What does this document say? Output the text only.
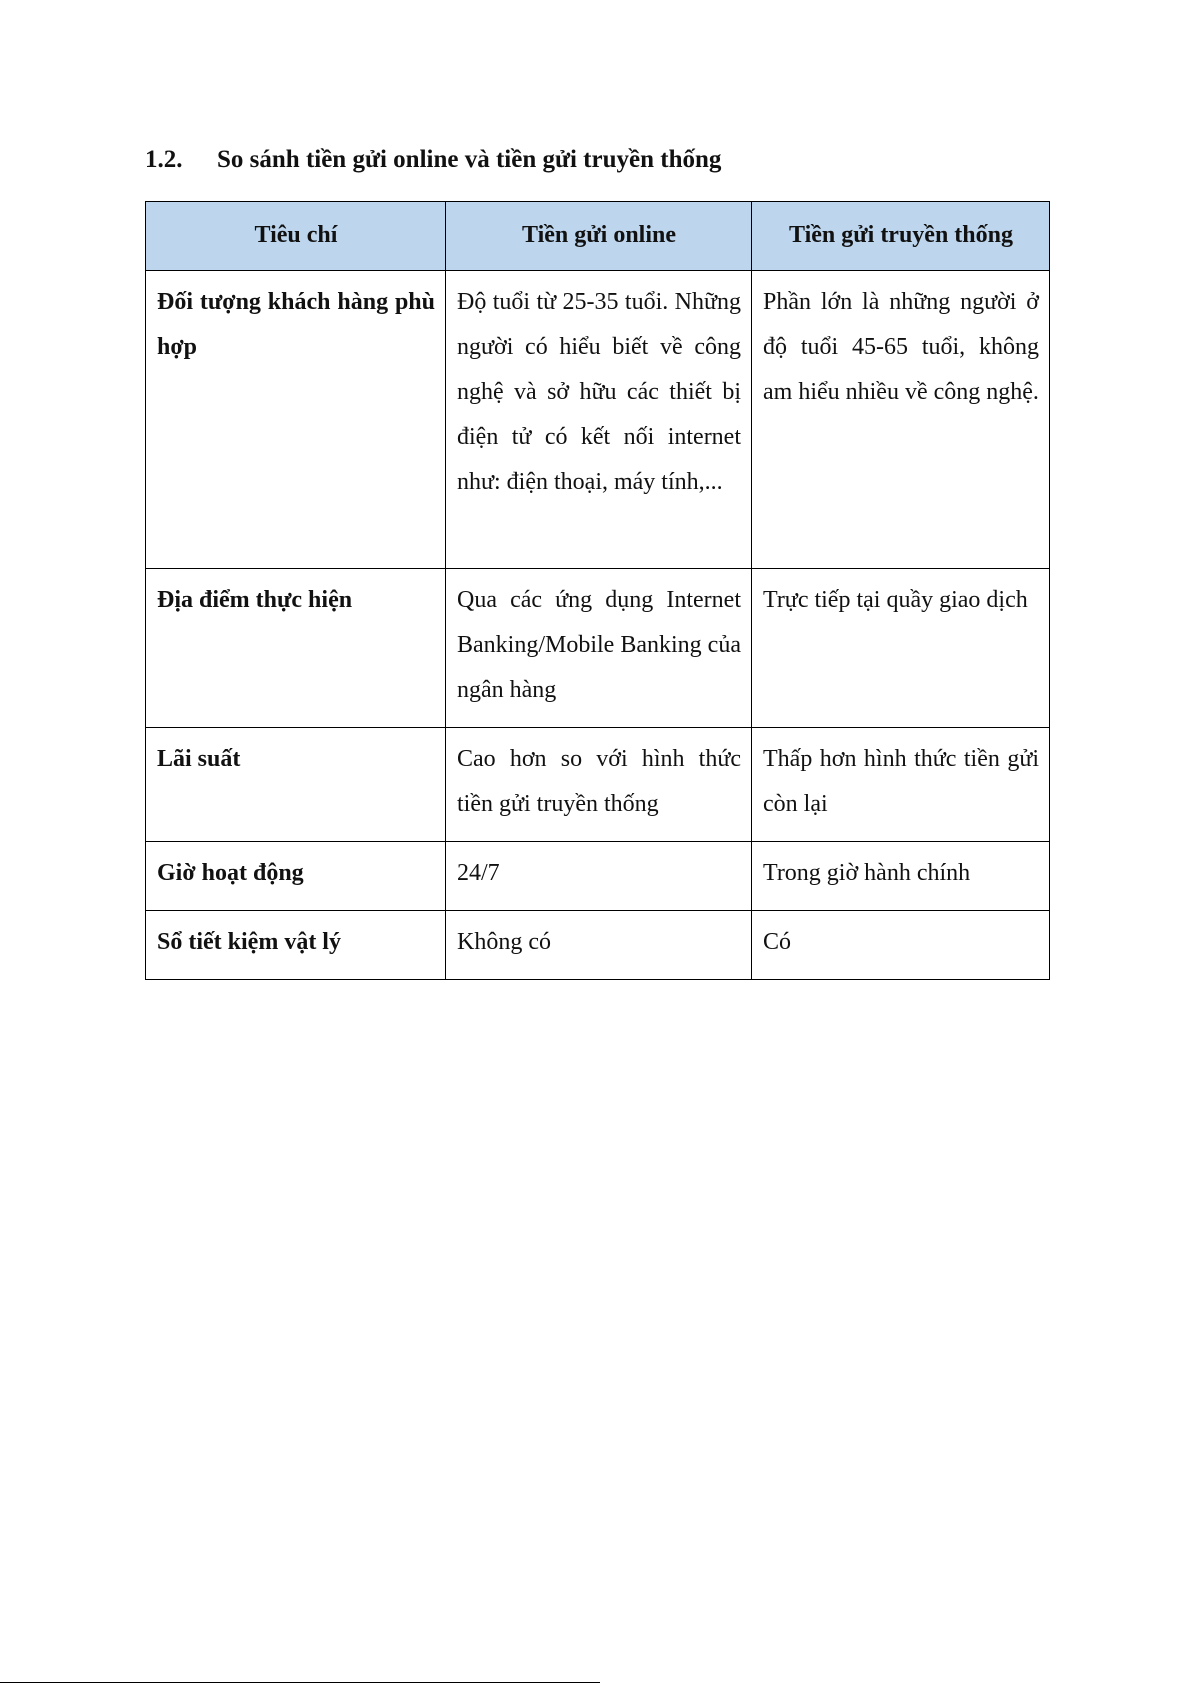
1.2. So sánh tiền gửi online và tiền gửi truyền thống
Tiêu chí	Tiền gửi online	Tiền gửi truyền thống
Đối tượng khách hàng phù hợp	Độ tuổi từ 25-35 tuổi. Những người có hiểu biết về công nghệ và sở hữu các thiết bị điện tử có kết nối internet như: điện thoại, máy tính,...	Phần lớn là những người ở độ tuổi 45-65 tuổi, không am hiểu nhiều về công nghệ.
Địa điểm thực hiện	Qua các ứng dụng Internet Banking/Mobile Banking của ngân hàng	Trực tiếp tại quầy giao dịch
Lãi suất	Cao hơn so với hình thức tiền gửi truyền thống	Thấp hơn hình thức tiền gửi còn lại
Giờ hoạt động	24/7	Trong giờ hành chính
Sổ tiết kiệm vật lý	Không có	Có
